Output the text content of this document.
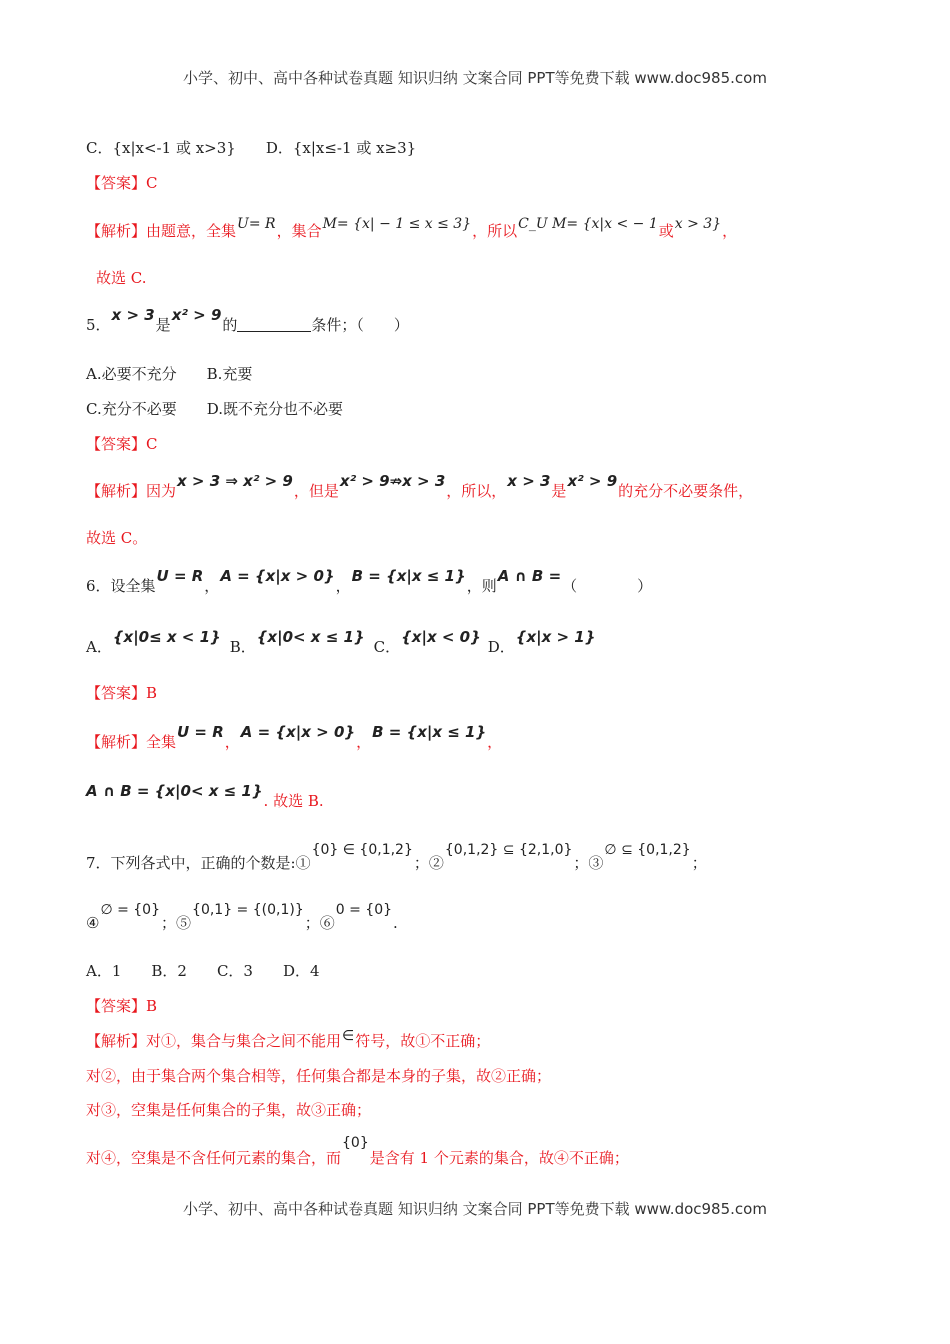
小学、初中、高中各种试卷真题 知识归纳 文案合同 PPT等免费下载 www.doc985.com
C．{x|x<-1 或 x>3}　　D．{x|x≤-1 或 x≥3}
【答案】C
【解析】由题意，全集U= R，集合M= {x| − 1 ≤ x ≤ 3}，所以C_U M= {x|x < − 1或x > 3}，
故选 C.
5．x > 3是x² > 9的	条件；（　　）
A.必要不充分　　B.充要
C.充分不必要　　D.既不充分也不必要
【答案】C
【解析】因为x > 3 ⇒ x² > 9，但是x² > 9⇏x > 3，所以，x > 3是x² > 9的充分不必要条件，
故选 C。
6．设全集U = R，A = {x|x > 0}，B = {x|x ≤ 1}，则A ∩ B =（　　　　）
A．{x|0≤ x < 1}B．{x|0< x ≤ 1}C．{x|x < 0}D．{x|x > 1}
【答案】B
【解析】全集U = R，A = {x|x > 0}，B = {x|x ≤ 1}，
A ∩ B = {x|0< x ≤ 1}. 故选 B.
7．下列各式中，正确的个数是:①{0} ∈ {0,1,2}；②{0,1,2} ⊆ {2,1,0}；③∅ ⊆ {0,1,2}；
④∅ = {0}；⑤{0,1} = {(0,1)}；⑥0 = {0}.
A．1　　B．2　　C．3　　D．4
【答案】B
【解析】对①，集合与集合之间不能用∈符号，故①不正确；
对②，由于集合两个集合相等，任何集合都是本身的子集，故②正确；
对③，空集是任何集合的子集，故③正确；
对④，空集是不含任何元素的集合，而{0}是含有 1 个元素的集合，故④不正确；
小学、初中、高中各种试卷真题 知识归纳 文案合同 PPT等免费下载 www.doc985.com
